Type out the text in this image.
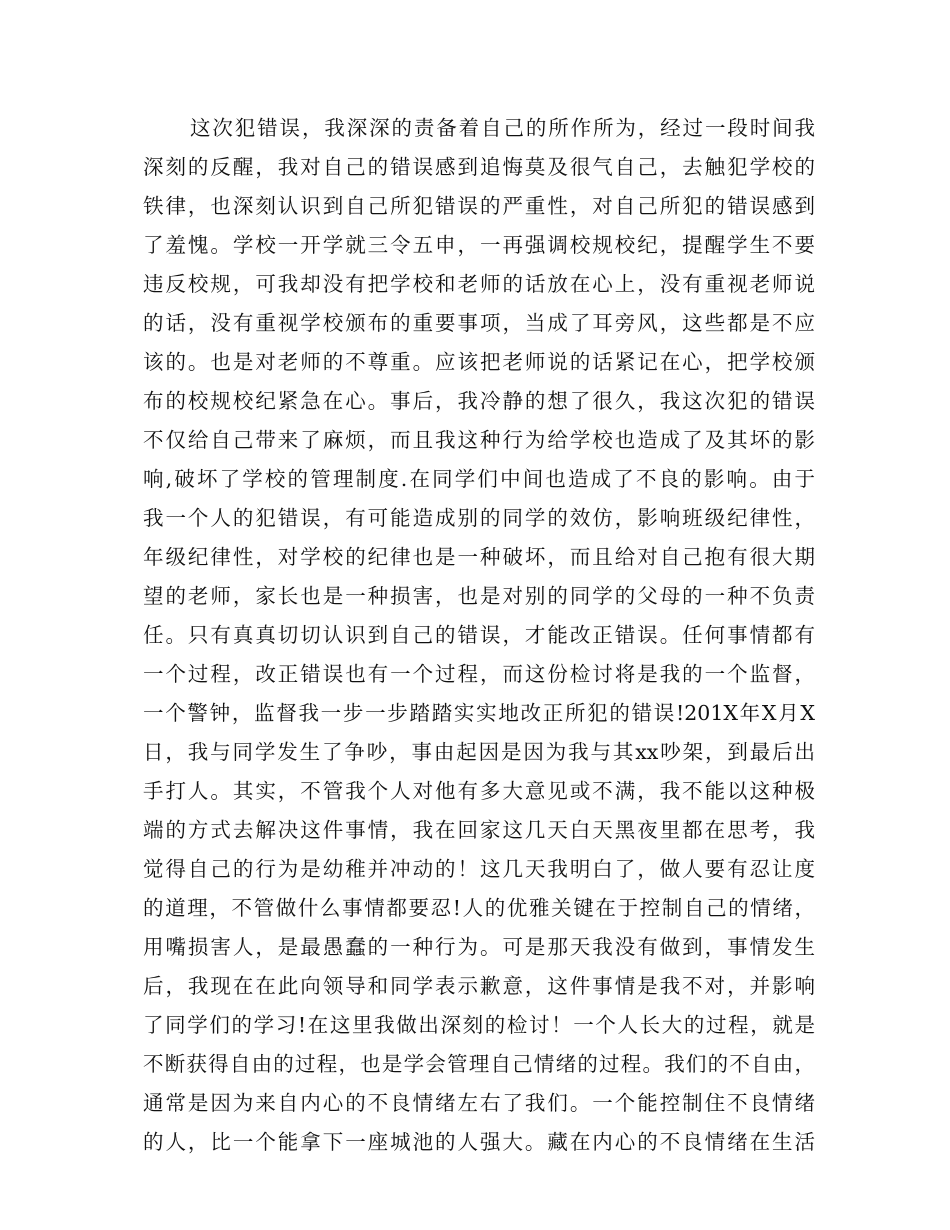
这次犯错误，我深深的责备着自己的所作所为，经过一段时间我
深刻的反醒，我对自己的错误感到追悔莫及很气自己，去触犯学校的
铁律，也深刻认识到自己所犯错误的严重性，对自己所犯的错误感到
了羞愧。学校一开学就三令五申，一再强调校规校纪，提醒学生不要
违反校规，可我却没有把学校和老师的话放在心上，没有重视老师说
的话，没有重视学校颁布的重要事项，当成了耳旁风，这些都是不应
该的。也是对老师的不尊重。应该把老师说的话紧记在心，把学校颁
布的校规校纪紧急在心。事后，我冷静的想了很久，我这次犯的错误
不仅给自己带来了麻烦，而且我这种行为给学校也造成了及其坏的影
响,破坏了学校的管理制度.在同学们中间也造成了不良的影响。由于
我一个人的犯错误，有可能造成别的同学的效仿，影响班级纪律性，
年级纪律性，对学校的纪律也是一种破坏，而且给对自己抱有很大期
望的老师，家长也是一种损害，也是对别的同学的父母的一种不负责
任。只有真真切切认识到自己的错误，才能改正错误。任何事情都有
一个过程，改正错误也有一个过程，而这份检讨将是我的一个监督，
一个警钟，监督我一步一步踏踏实实地改正所犯的错误!201X年X月X
日，我与同学发生了争吵，事由起因是因为我与其xx吵架，到最后出
手打人。其实，不管我个人对他有多大意见或不满，我不能以这种极
端的方式去解决这件事情，我在回家这几天白天黑夜里都在思考，我
觉得自己的行为是幼稚并冲动的！这几天我明白了，做人要有忍让度
的道理，不管做什么事情都要忍!人的优雅关键在于控制自己的情绪，
用嘴损害人，是最愚蠢的一种行为。可是那天我没有做到，事情发生
后，我现在在此向领导和同学表示歉意，这件事情是我不对，并影响
了同学们的学习!在这里我做出深刻的检讨！一个人长大的过程，就是
不断获得自由的过程，也是学会管理自己情绪的过程。我们的不自由，
通常是因为来自内心的不良情绪左右了我们。一个能控制住不良情绪
的人，比一个能拿下一座城池的人强大。藏在内心的不良情绪在生活
